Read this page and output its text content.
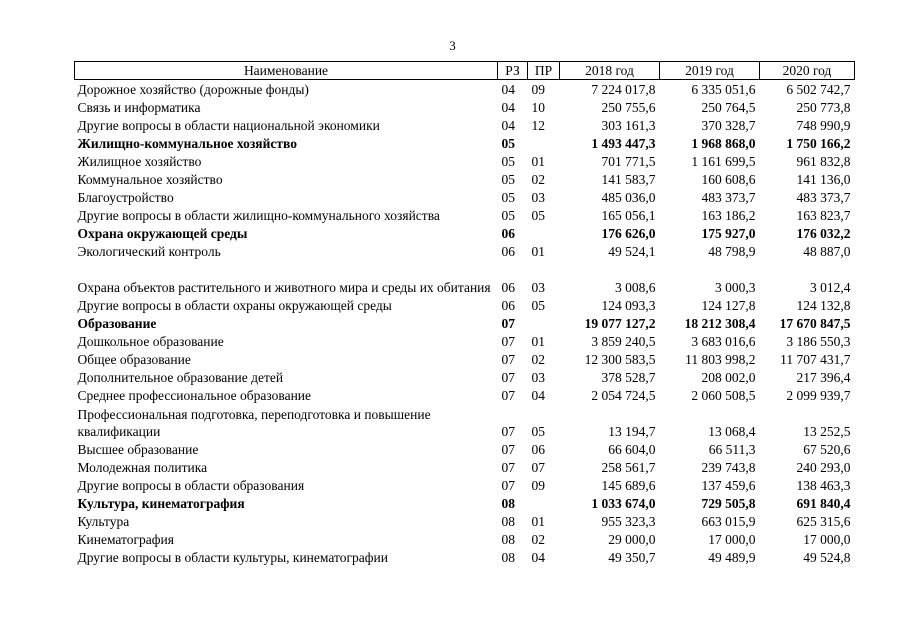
3
Наименование	РЗ	ПР	2018 год	2019 год	2020 год
Дорожное хозяйство (дорожные фонды)	04	09	7 224 017,8	6 335 051,6	6 502 742,7
Связь и информатика	04	10	250 755,6	250 764,5	250 773,8
Другие вопросы в области национальной экономики	04	12	303 161,3	370 328,7	748 990,9
Жилищно-коммунальное хозяйство	05		1 493 447,3	1 968 868,0	1 750 166,2
Жилищное хозяйство	05	01	701 771,5	1 161 699,5	961 832,8
Коммунальное хозяйство	05	02	141 583,7	160 608,6	141 136,0
Благоустройство	05	03	485 036,0	483 373,7	483 373,7
Другие вопросы в области жилищно-коммунального хозяйства	05	05	165 056,1	163 186,2	163 823,7
Охрана окружающей среды	06		176 626,0	175 927,0	176 032,2
Экологический контроль	06	01	49 524,1	48 798,9	48 887,0
Охрана объектов растительного и животного мира и среды их обитания	06	03	3 008,6	3 000,3	3 012,4
Другие вопросы в области охраны окружающей среды	06	05	124 093,3	124 127,8	124 132,8
Образование	07		19 077 127,2	18 212 308,4	17 670 847,5
Дошкольное образование	07	01	3 859 240,5	3 683 016,6	3 186 550,3
Общее образование	07	02	12 300 583,5	11 803 998,2	11 707 431,7
Дополнительное образование детей	07	03	378 528,7	208 002,0	217 396,4
Среднее профессиональное образование	07	04	2 054 724,5	2 060 508,5	2 099 939,7
Профессиональная подготовка, переподготовка и повышение квалификации	07	05	13 194,7	13 068,4	13 252,5
Высшее образование	07	06	66 604,0	66 511,3	67 520,6
Молодежная политика	07	07	258 561,7	239 743,8	240 293,0
Другие вопросы в области образования	07	09	145 689,6	137 459,6	138 463,3
Культура, кинематография	08		1 033 674,0	729 505,8	691 840,4
Культура	08	01	955 323,3	663 015,9	625 315,6
Кинематография	08	02	29 000,0	17 000,0	17 000,0
Другие вопросы в области культуры, кинематографии	08	04	49 350,7	49 489,9	49 524,8
